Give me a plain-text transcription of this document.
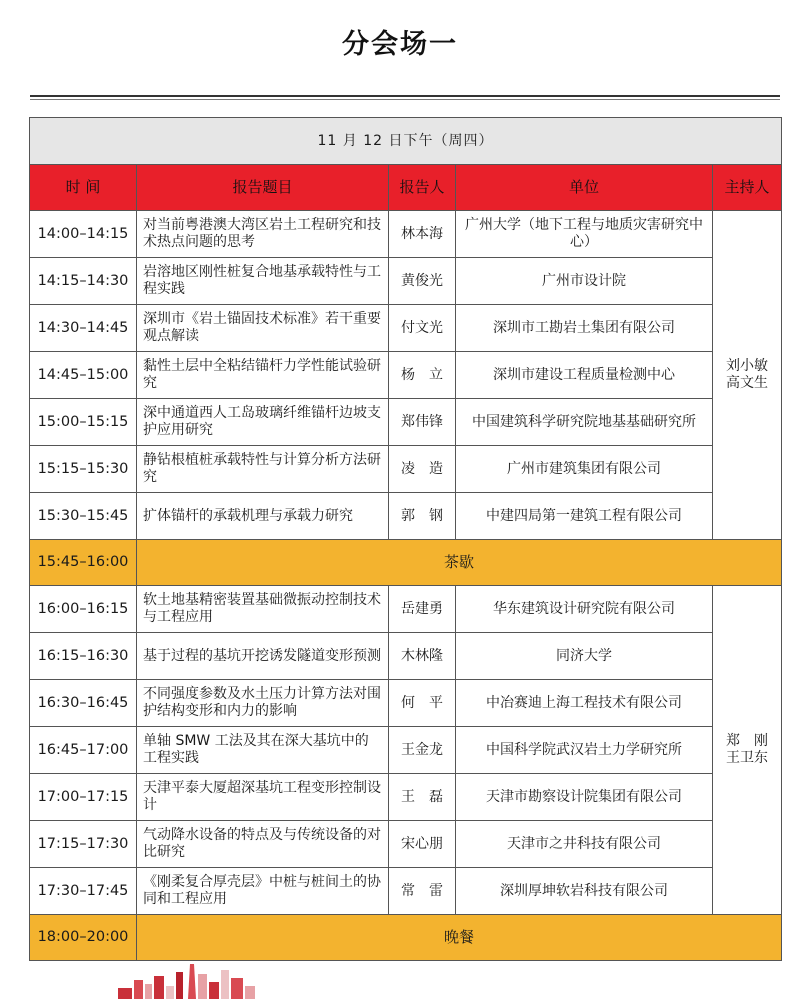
分会场一
11 月 12 日下午（周四）				
时 间	报告题目	报告人	单位	主持人
14:00–14:15	对当前粤港澳大湾区岩土工程研究和技术热点问题的思考	林本海	广州大学（地下工程与地质灾害研究中心）	刘小敏
高文生

14:15–14:30	岩溶地区刚性桩复合地基承载特性与工程实践	黄俊光	广州市设计院	
14:30–14:45	深圳市《岩土锚固技术标准》若干重要观点解读	付文光	深圳市工勘岩土集团有限公司	
14:45–15:00	黏性土层中全粘结锚杆力学性能试验研究	杨　立	深圳市建设工程质量检测中心	
15:00–15:15	深中通道西人工岛玻璃纤维锚杆边坡支护应用研究	郑伟锋	中国建筑科学研究院地基基础研究所	
15:15–15:30	静钻根植桩承载特性与计算分析方法研究	凌　造	广州市建筑集团有限公司	
15:30–15:45	扩体锚杆的承载机理与承载力研究	郭　钢	中建四局第一建筑工程有限公司	
15:45–16:00	茶歇			
16:00–16:15	软土地基精密装置基础微振动控制技术与工程应用	岳建勇	华东建筑设计研究院有限公司	郑　刚
王卫东

16:15–16:30	基于过程的基坑开挖诱发隧道变形预测	木林隆	同济大学	
16:30–16:45	不同强度参数及水土压力计算方法对围护结构变形和内力的影响	何　平	中冶赛迪上海工程技术有限公司	
16:45–17:00	单轴 SMW 工法及其在深大基坑中的工程实践	王金龙	中国科学院武汉岩土力学研究所	
17:00–17:15	天津平泰大厦超深基坑工程变形控制设计	王　磊	天津市勘察设计院集团有限公司	
17:15–17:30	气动降水设备的特点及与传统设备的对比研究	宋心朋	天津市之井科技有限公司	
17:30–17:45	《刚柔复合厚壳层》中桩与桩间土的协同和工程应用	常　雷	深圳厚坤软岩科技有限公司	
18:00–20:00	晚餐			
